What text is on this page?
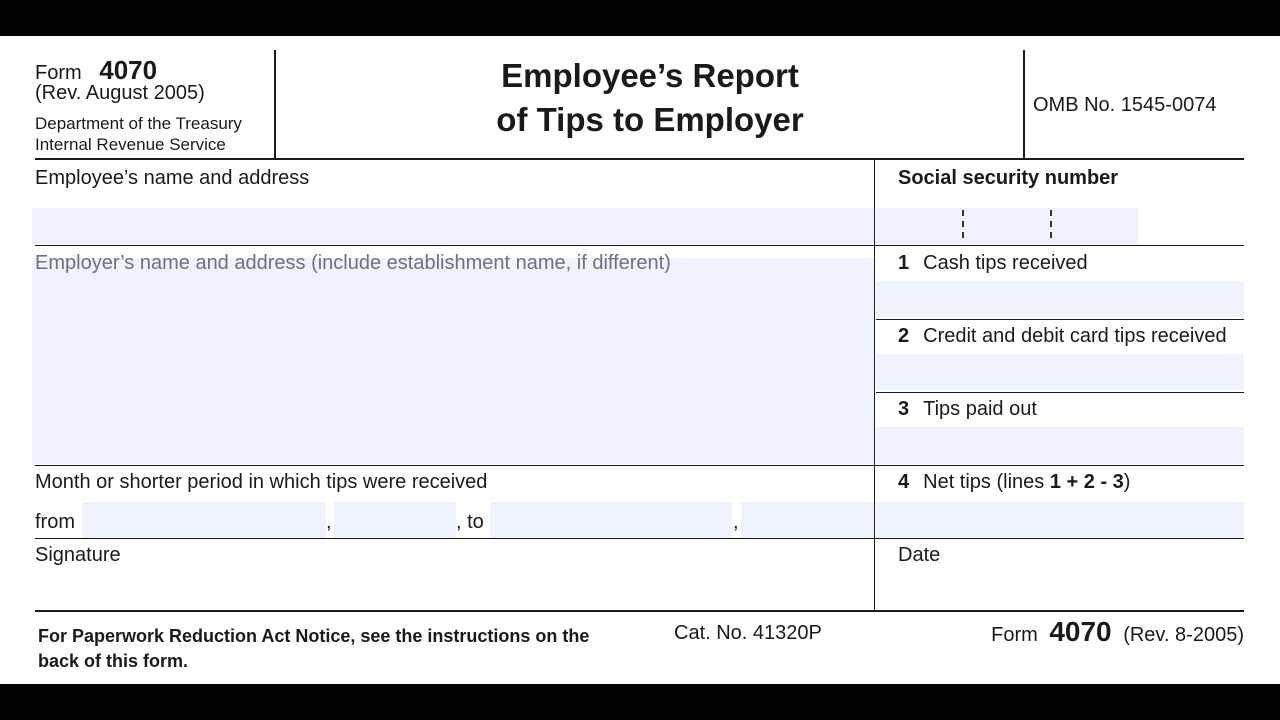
Form 4070
(Rev. August 2005)
Department of the Treasury
Internal Revenue Service
Employee’s Report
of Tips to Employer	OMB No. 1545-0074
Employee’s name and address	Social security number
Employer’s name and address (include establishment name, if different)	1 Cash tips received
2 Credit and debit card tips received
3 Tips paid out
Month or shorter period in which tips were received
from	,	, to	,
4 Net tips (lines 1 + 2 - 3)
Signature	Date
For Paperwork Reduction Act Notice, see the instructions on the back of this form.
Cat. No. 41320P	Form 4070 (Rev. 8-2005)
